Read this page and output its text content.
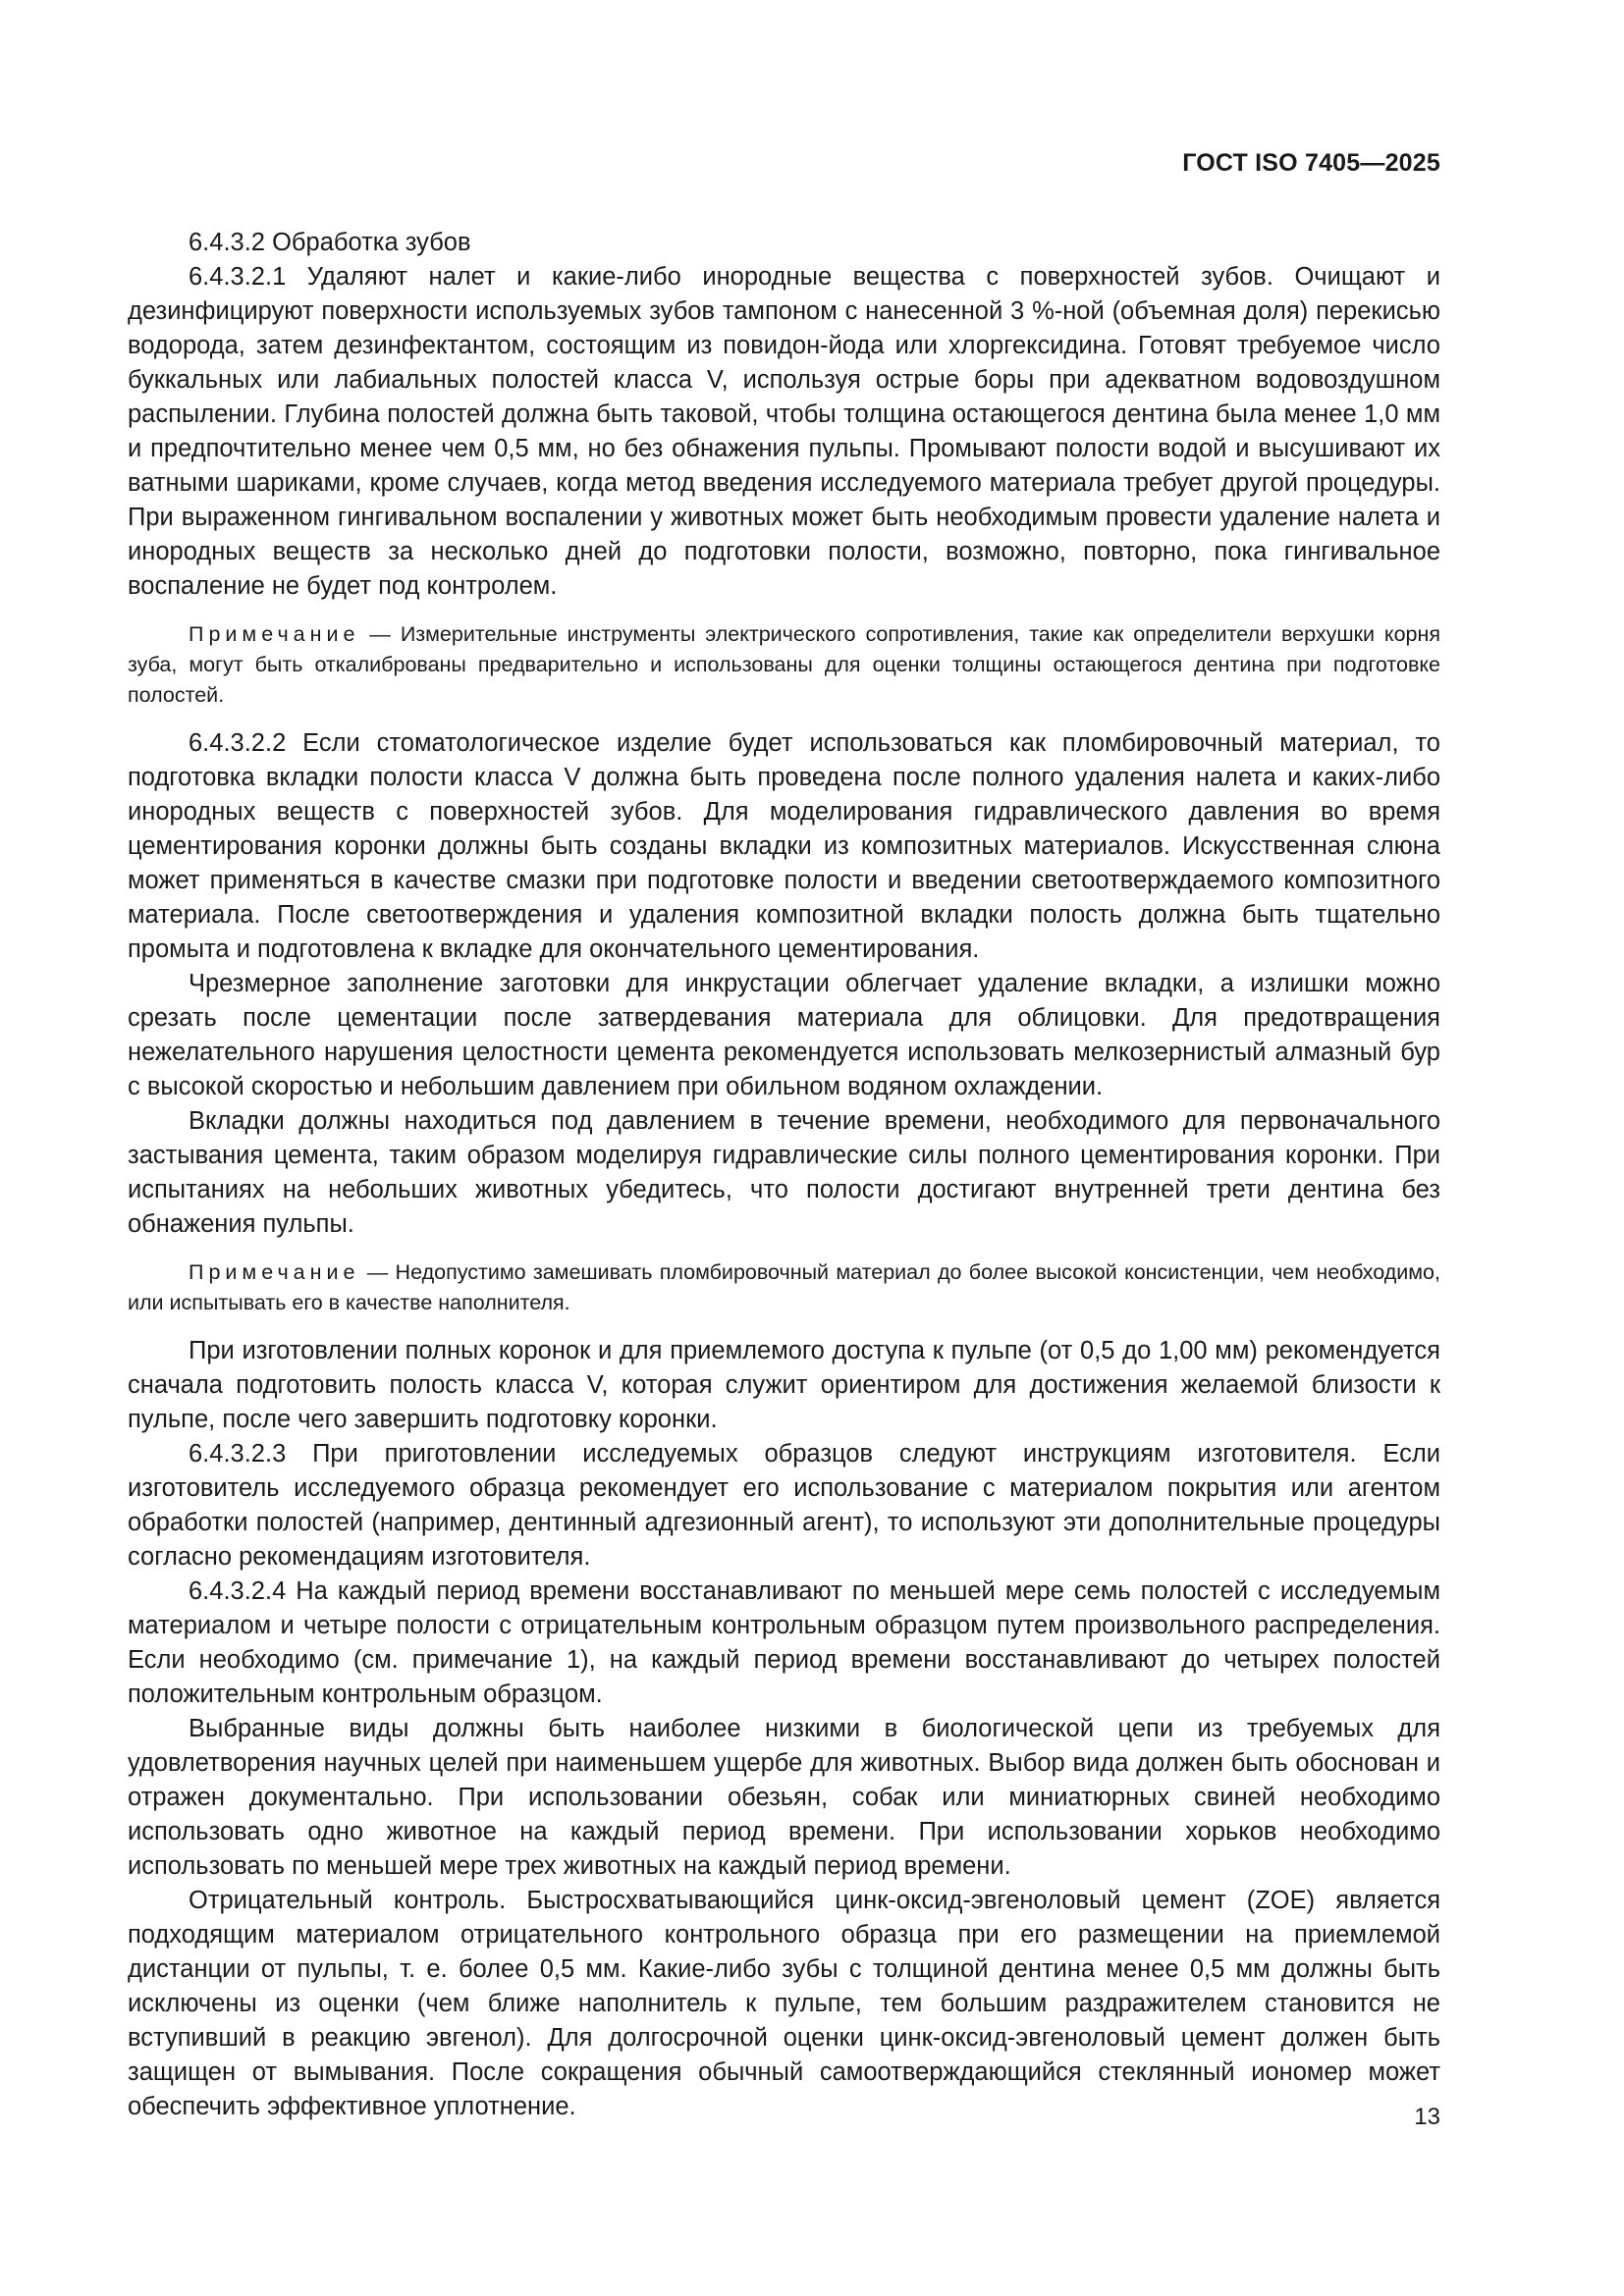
ГОСТ ISO 7405—2025

6.4.3.2 Обработка зубов

6.4.3.2.1 Удаляют налет и какие-либо инородные вещества с поверхностей зубов. Очищают и дезинфицируют поверхности используемых зубов тампоном с нанесенной 3 %-ной (объемная доля) перекисью водорода, затем дезинфектантом, состоящим из повидон-йода или хлоргексидина. Готовят требуемое число буккальных или лабиальных полостей класса V, используя острые боры при адекватном водовоздушном распылении. Глубина полостей должна быть таковой, чтобы толщина остающегося дентина была менее 1,0 мм и предпочтительно менее чем 0,5 мм, но без обнажения пульпы. Промывают полости водой и высушивают их ватными шариками, кроме случаев, когда метод введения исследуемого материала требует другой процедуры. При выраженном гингивальном воспалении у животных может быть необходимым провести удаление налета и инородных веществ за несколько дней до подготовки полости, возможно, повторно, пока гингивальное воспаление не будет под контролем.

Примечание — Измерительные инструменты электрического сопротивления, такие как определители верхушки корня зуба, могут быть откалиброваны предварительно и использованы для оценки толщины остающегося дентина при подготовке полостей.

6.4.3.2.2 Если стоматологическое изделие будет использоваться как пломбировочный материал, то подготовка вкладки полости класса V должна быть проведена после полного удаления налета и каких-либо инородных веществ с поверхностей зубов. Для моделирования гидравлического давления во время цементирования коронки должны быть созданы вкладки из композитных материалов. Искусственная слюна может применяться в качестве смазки при подготовке полости и введении светоотверждаемого композитного материала. После светоотверждения и удаления композитной вкладки полость должна быть тщательно промыта и подготовлена к вкладке для окончательного цементирования.

Чрезмерное заполнение заготовки для инкрустации облегчает удаление вкладки, а излишки можно срезать после цементации после затвердевания материала для облицовки. Для предотвращения нежелательного нарушения целостности цемента рекомендуется использовать мелкозернистый алмазный бур с высокой скоростью и небольшим давлением при обильном водяном охлаждении.

Вкладки должны находиться под давлением в течение времени, необходимого для первоначального застывания цемента, таким образом моделируя гидравлические силы полного цементирования коронки. При испытаниях на небольших животных убедитесь, что полости достигают внутренней трети дентина без обнажения пульпы.

Примечание — Недопустимо замешивать пломбировочный материал до более высокой консистенции, чем необходимо, или испытывать его в качестве наполнителя.

При изготовлении полных коронок и для приемлемого доступа к пульпе (от 0,5 до 1,00 мм) рекомендуется сначала подготовить полость класса V, которая служит ориентиром для достижения желаемой близости к пульпе, после чего завершить подготовку коронки.

6.4.3.2.3 При приготовлении исследуемых образцов следуют инструкциям изготовителя. Если изготовитель исследуемого образца рекомендует его использование с материалом покрытия или агентом обработки полостей (например, дентинный адгезионный агент), то используют эти дополнительные процедуры согласно рекомендациям изготовителя.

6.4.3.2.4 На каждый период времени восстанавливают по меньшей мере семь полостей с исследуемым материалом и четыре полости с отрицательным контрольным образцом путем произвольного распределения. Если необходимо (см. примечание 1), на каждый период времени восстанавливают до четырех полостей положительным контрольным образцом.

Выбранные виды должны быть наиболее низкими в биологической цепи из требуемых для удовлетворения научных целей при наименьшем ущербе для животных. Выбор вида должен быть обоснован и отражен документально. При использовании обезьян, собак или миниатюрных свиней необходимо использовать одно животное на каждый период времени. При использовании хорьков необходимо использовать по меньшей мере трех животных на каждый период времени.

Отрицательный контроль. Быстросхватывающийся цинк-оксид-эвгеноловый цемент (ZOE) является подходящим материалом отрицательного контрольного образца при его размещении на приемлемой дистанции от пульпы, т. е. более 0,5 мм. Какие-либо зубы с толщиной дентина менее 0,5 мм должны быть исключены из оценки (чем ближе наполнитель к пульпе, тем большим раздражителем становится не вступивший в реакцию эвгенол). Для долгосрочной оценки цинк-оксид-эвгеноловый цемент должен быть защищен от вымывания. После сокращения обычный самоотверждающийся стеклянный иономер может обеспечить эффективное уплотнение.	13
